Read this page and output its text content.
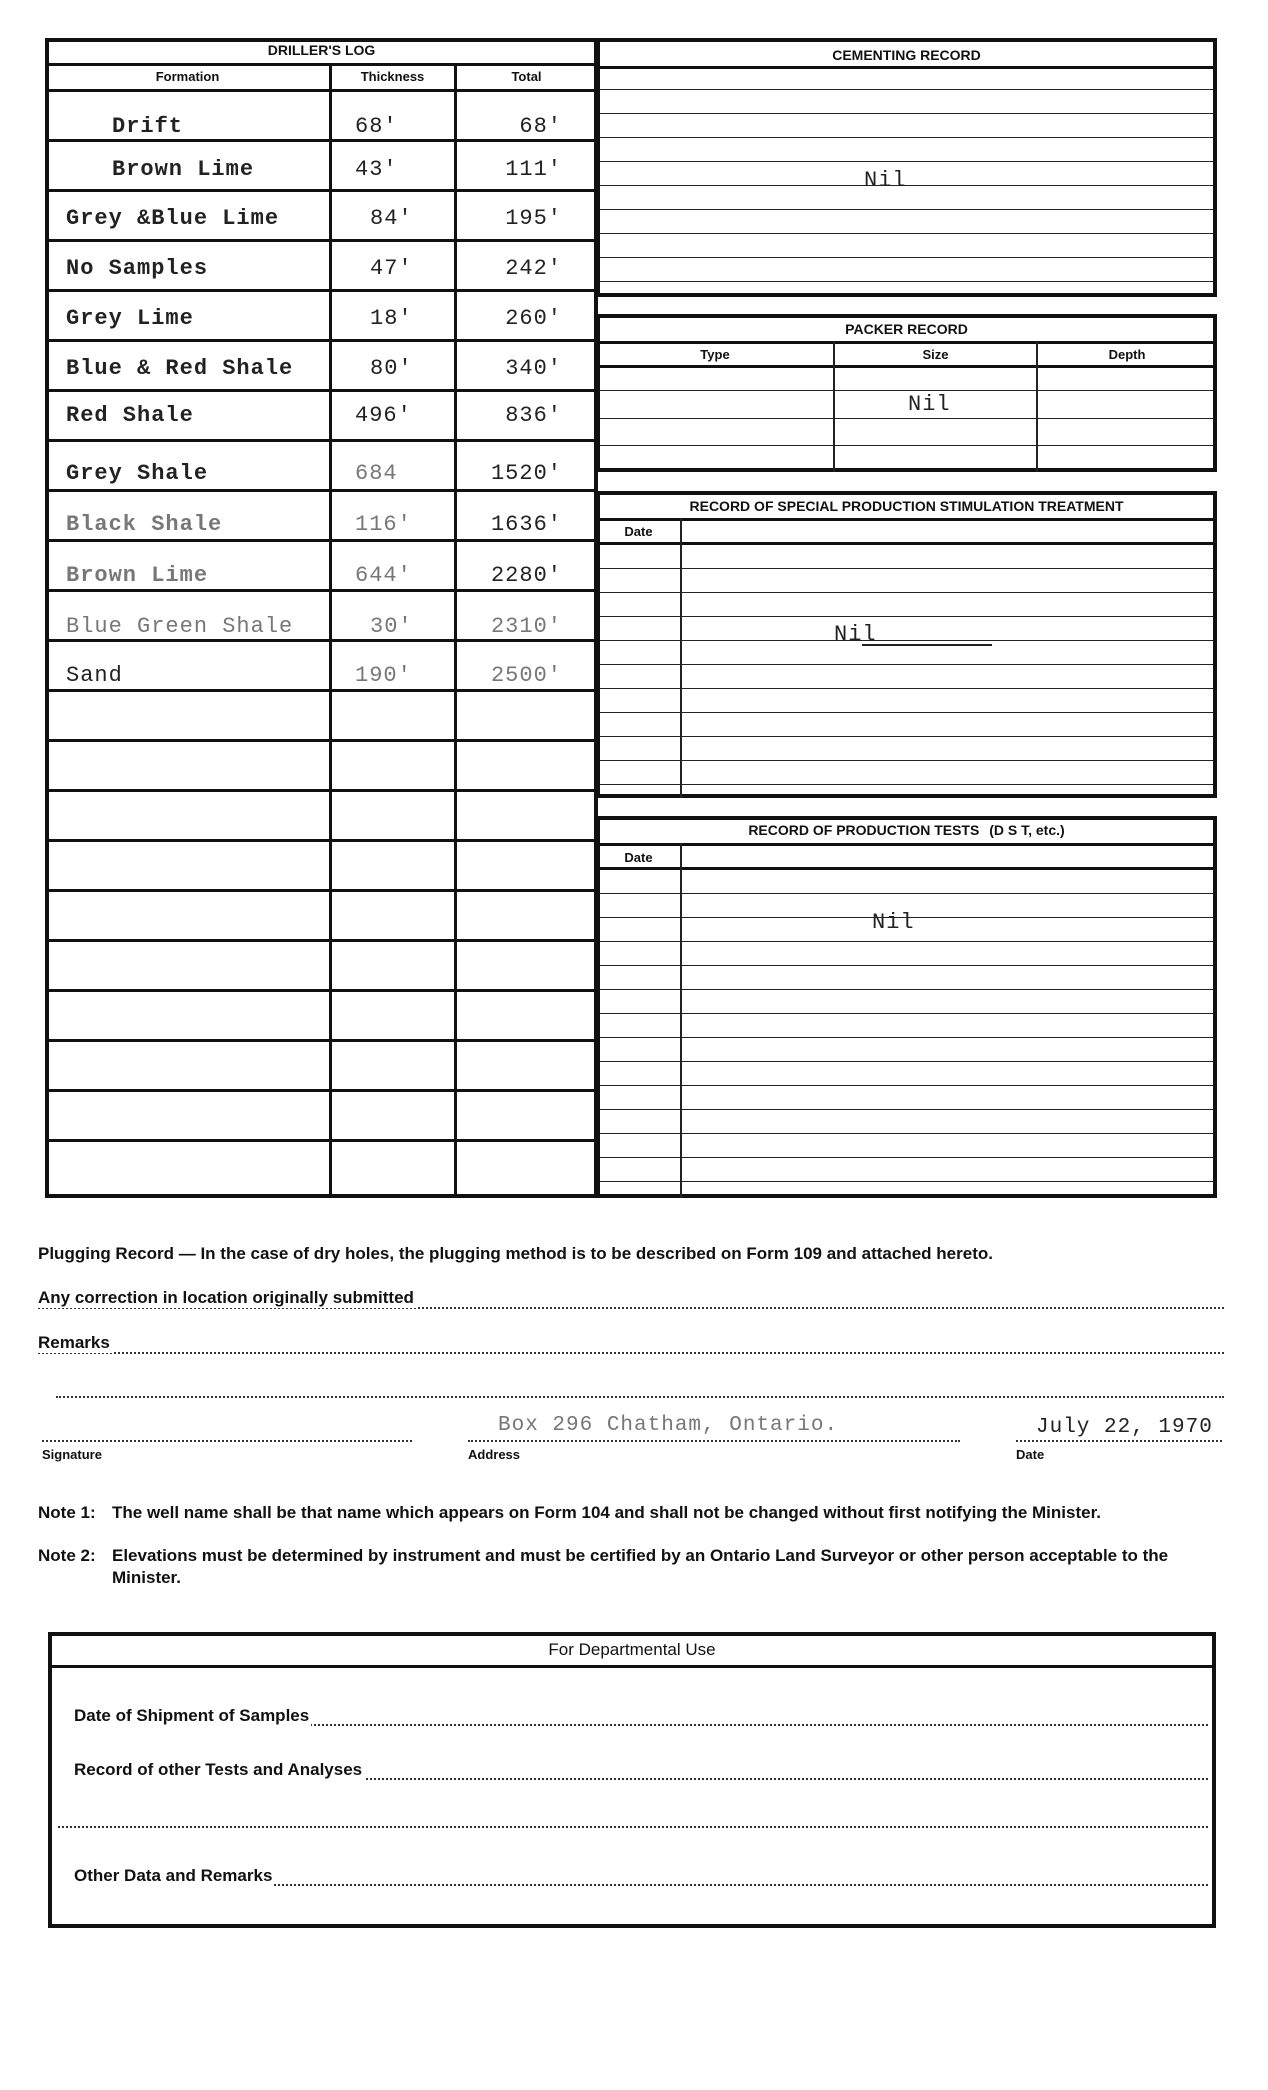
DRILLER'S LOG
Formation	Thickness	Total
Drift	68'	68'
Brown Lime	43'	111'
Grey &Blue Lime	84'	195'
No Samples	47'	242'
Grey Lime	18'	260'
Blue & Red Shale	80'	340'
Red Shale	496'	836'
Grey Shale	684	1520'
Black Shale	116'	1636'
Brown Lime	644'	2280'
Blue Green Shale	30'	2310'
Sand	190'	2500'
CEMENTING RECORD
Nil
PACKER RECORD
Type	Size	Depth
Nil
RECORD OF SPECIAL PRODUCTION STIMULATION TREATMENT
Date
Nil
RECORD OF PRODUCTION TESTS (D S T, etc.)
Date
Nil
Plugging Record — In the case of dry holes, the plugging method is to be described on Form 109 and attached hereto.
Any correction in location originally submitted
Remarks
Signature
Box 296 Chatham, Ontario.
Address
July 22, 1970
Date
Note 1: The well name shall be that name which appears on Form 104 and shall not be changed without first notifying the Minister.
Note 2: Elevations must be determined by instrument and must be certified by an Ontario Land Surveyor or other person acceptable to the Minister.
For Departmental Use
Date of Shipment of Samples
Record of other Tests and Analyses
Other Data and Remarks
